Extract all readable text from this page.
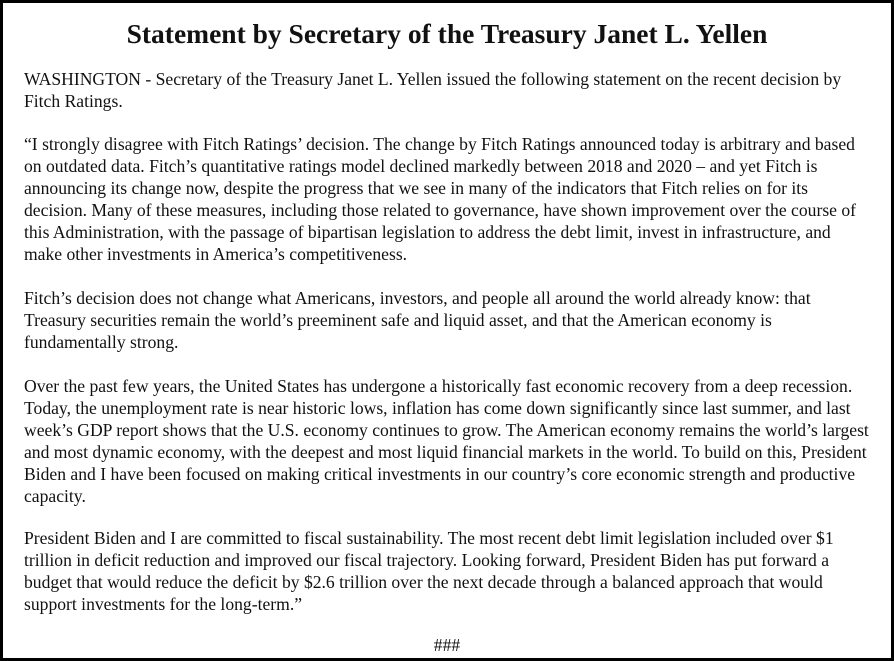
Statement by Secretary of the Treasury Janet L. Yellen

WASHINGTON - Secretary of the Treasury Janet L. Yellen issued the following statement on the recent decision by Fitch Ratings.

“I strongly disagree with Fitch Ratings’ decision. The change by Fitch Ratings announced today is arbitrary and based on outdated data. Fitch’s quantitative ratings model declined markedly between 2018 and 2020 – and yet Fitch is announcing its change now, despite the progress that we see in many of the indicators that Fitch relies on for its decision. Many of these measures, including those related to governance, have shown improvement over the course of this Administration, with the passage of bipartisan legislation to address the debt limit, invest in infrastructure, and make other investments in America’s competitiveness.

Fitch’s decision does not change what Americans, investors, and people all around the world already know: that Treasury securities remain the world’s preeminent safe and liquid asset, and that the American economy is fundamentally strong.

Over the past few years, the United States has undergone a historically fast economic recovery from a deep recession. Today, the unemployment rate is near historic lows, inflation has come down significantly since last summer, and last week’s GDP report shows that the U.S. economy continues to grow. The American economy remains the world’s largest and most dynamic economy, with the deepest and most liquid financial markets in the world. To build on this, President Biden and I have been focused on making critical investments in our country’s core economic strength and productive capacity.

President Biden and I are committed to fiscal sustainability. The most recent debt limit legislation included over $1 trillion in deficit reduction and improved our fiscal trajectory. Looking forward, President Biden has put forward a budget that would reduce the deficit by $2.6 trillion over the next decade through a balanced approach that would support investments for the long-term.”

###
